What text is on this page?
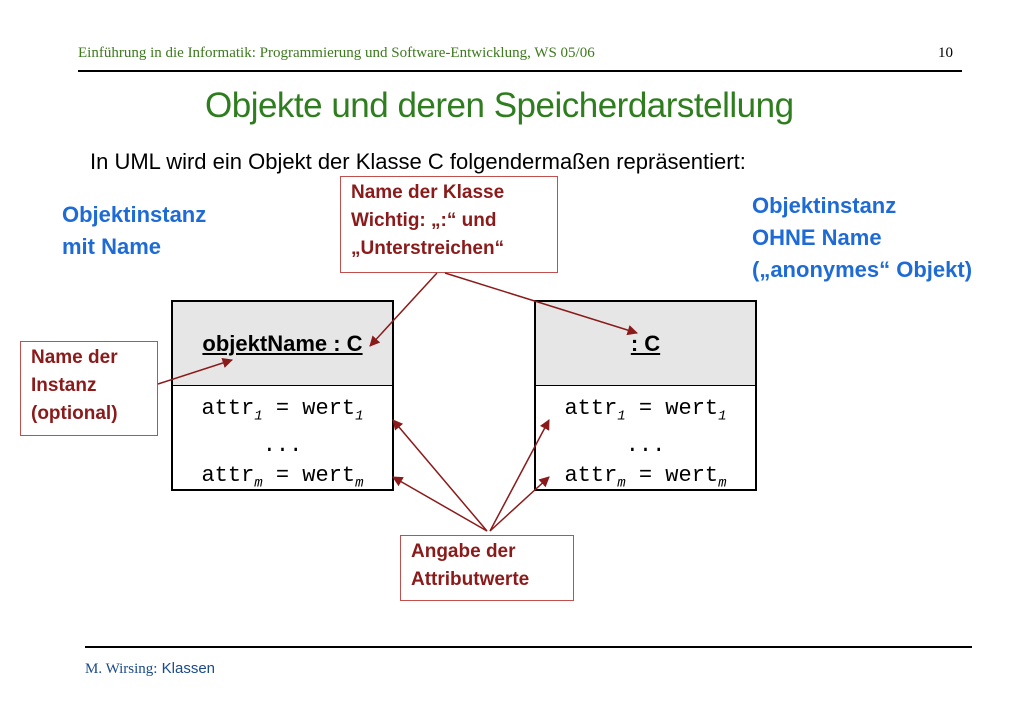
Einführung in die Informatik: Programmierung und Software-Entwicklung, WS 05/06	10
Objekte und deren Speicherdarstellung
In UML wird ein Objekt der Klasse C folgendermaßen repräsentiert:
Objektinstanz
mit Name
Objektinstanz
OHNE Name
(„anonymes“ Objekt)
Name der Klasse
Wichtig: „:“ und
„Unterstreichen“
Name der
Instanz
(optional)
Angabe der
Attributwerte
objektName : C
attr$_1$ = wert$_1$
...
attr$_m$ = wert$_m$
: C
attr$_1$ = wert$_1$
...
attr$_m$ = wert$_m$
M. Wirsing: Klassen
